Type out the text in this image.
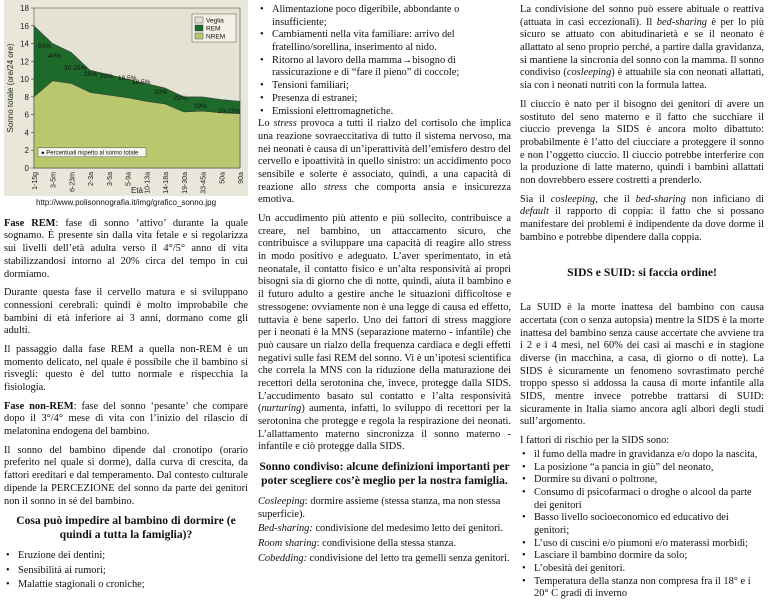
0
2
4
6
8
10
12
14
16
18
1-15g 3-5m 6-23m 2-3a 3-5a 5-9a 10-13a 14-18a 19-30a 33-45a 50a 90a
Sonno totale (ore/24 ore)
Età
50%
40%
30-25%
25% 20% 18,5%
18,5%
20%
22%
19%
20-23%
Veglia
REM
NREM
● Percentuali rispetto al sonno totale
http://www.polisonnografia.it/img/grafico_sonno.jpg

Fase REM: fase di sonno ‘attivo’ durante la quale sognamo. È presente sin dalla vita fetale e si regolarizza sui livelli dell’età adulta verso il 4°/5° anno di vita stabilizzandosi intorno al 20% circa del tempo in cui dormiamo.

Durante questa fase il cervello matura e si sviluppano connessioni cerebrali: quindi è molto improbabile che bambini di età inferiore ai 3 anni, dormano come gli adulti.

Il passaggio dalla fase REM a quella non-REM è un momento delicato, nel quale è possibile che il bambino si risvegli: questo è del tutto normale e rispecchia la fisiologia.

Fase non-REM: fase del sonno ‘pesante’ che compare dopo il 3°/4° mese di vita con l’inizio del rilascio di melatonina endogena del bambino.

Il sonno del bambino dipende dal cronotipo (orario preferito nel quale si dorme), dalla curva di crescita, da fattori ereditari e dal temperamento. Dal contesto culturale dipende la PERCEZIONE del sonno da parte dei genitori non il sonno in sé del bambino.

Cosa può impedire al bambino di dormire (e quindi a tutta la famiglia)?
• Eruzione dei dentini;
• Sensibilità ai rumori;
• Malattie stagionali o croniche;
• Alimentazione poco digeribile, abbondante o insufficiente;
• Cambiamenti nella vita familiare: arrivo del fratellino/sorellina, inserimento al nido.
• Ritorno al lavoro della mamma→bisogno di rassicurazione e di “fare il pieno” di coccole;
• Tensioni familiari;
• Presenza di estranei;
• Emissioni elettromagnetiche.

Lo stress provoca a tutti il rialzo del cortisolo che implica una reazione sovraeccitativa di tutto il sistema nervoso, ma nei neonati è causa di un’iperattività dell’emisfero destro del cervello e ipoattività in quello sinistro: un accidimento poco sensibile e solerte è associato, quindi, a una capacità di reazione allo stress che comporta ansia e insicurezza emotiva.

Un accudimento più attento e più sollecito, contribuisce a creare, nel bambino, un attaccamento sicuro, che contribuisce a sviluppare una capacità di reagire allo stress in modo positivo e adeguato. L’aver sperimentato, in età neonatale, il contatto fisico e un’alta responsività ai propri bisogni sia di giorno che di notte, quindi, aiuta il bambino e il futuro adulto a gestire anche le situazioni difficoltose e stressogene: ovviamente non è una legge di causa ed effetto, tuttavia è bene saperlo. Uno dei fattori di stress maggiore per i neonati è la MNS (separazione materno - infantile) che può causare un rialzo della frequenza cardiaca e degli effetti negativi sulle fasi REM del sonno. Vi è un’ipotesi scientifica che correla la MNS con la riduzione della maturazione dei recettori della serotonina che, invece, protegge dalla SIDS. L’accudimento basato sul contatto e l’alta responsività (nurturing) aumenta, infatti, lo sviluppo di recettori per la serotonina che protegge e regola la respirazione dei neonati. L’allattamento materno sincronizza il sonno materno - infantile e ciò protegge dalla SIDS.

Sonno condiviso: alcune definizioni importanti per poter scegliere cos’è meglio per la nostra famiglia.

Cosleeping: dormire assieme (stessa stanza, ma non stessa superficie).

Bed-sharing: condivisione del medesimo letto dei genitori.

Room sharing: condivisione della stessa stanza.

Cobedding: condivisione del letto tra gemelli senza genitori.

La condivisione del sonno può essere abituale o reattiva (attuata in casi eccezionali). Il bed-sharing è per lo più sicuro se attuato con abitudinarietà e se il neonato è allattato al seno proprio perché, a partire dalla gravidanza, si mantiene la sincronia del sonno con la mamma. Il sonno condiviso (cosleeping) è attuabile sia con neonati allattati, sia con i neonati nutriti con la formula lattea.

Il ciuccio è nato per il bisogno dei genitori di avere un sostituto del seno materno e il fatto che succhiare il ciuccio prevenga la SIDS è ancora molto dibattuto: probabilmente è l’atto del ciucciare a proteggere il sonno e non l’oggetto ciuccio. Il ciuccio potrebbe interferire con la produzione di latte materno, quindi i bambini allattati non dovrebbero essere costretti a prenderlo.

Sia il cosleeping, che il bed-sharing non inficiano di default il rapporto di coppia: il fatto che si possano manifestare dei problemi è indipendente da dove dorme il bambino e potrebbe dipendere dalla coppia.

SIDS e SUID: si faccia ordine!

La SUID è la morte inattesa del bambino con causa accertata (con o senza autopsia) mentre la SIDS è la morte inattesa del bambino senza cause accertate che avviene tra i 2 e i 4 mesi, nel 60% dei casi ai maschi e in stagione diverse (in macchina, a casa, di giorno o di notte). La SIDS è sicuramente un fenomeno sovrastimato perché troppo spesso si addossa la causa di morte infantile alla SIDS, mentre invece potrebbe trattarsi di SUID: sicuramente in Italia siamo ancora agli albori degli studi sull’argomento.

I fattori di rischio per la SIDS sono:

• il fumo della madre in gravidanza e/o dopo la nascita,
• La posizione “a pancia in giù” del neonato,
• Dormire su divani o poltrone,
• Consumo di psicofarmaci o droghe o alcool da parte dei genitori
• Basso livello socioeconomico ed educativo dei genitori;
• L’uso di cuscini e/o piumoni e/o materassi morbidi;
• Lasciare il bambino dormire da solo;
• L’obesità dei genitori.
• Temperatura della stanza non compresa fra il 18° e i 20° C gradi di inverno
